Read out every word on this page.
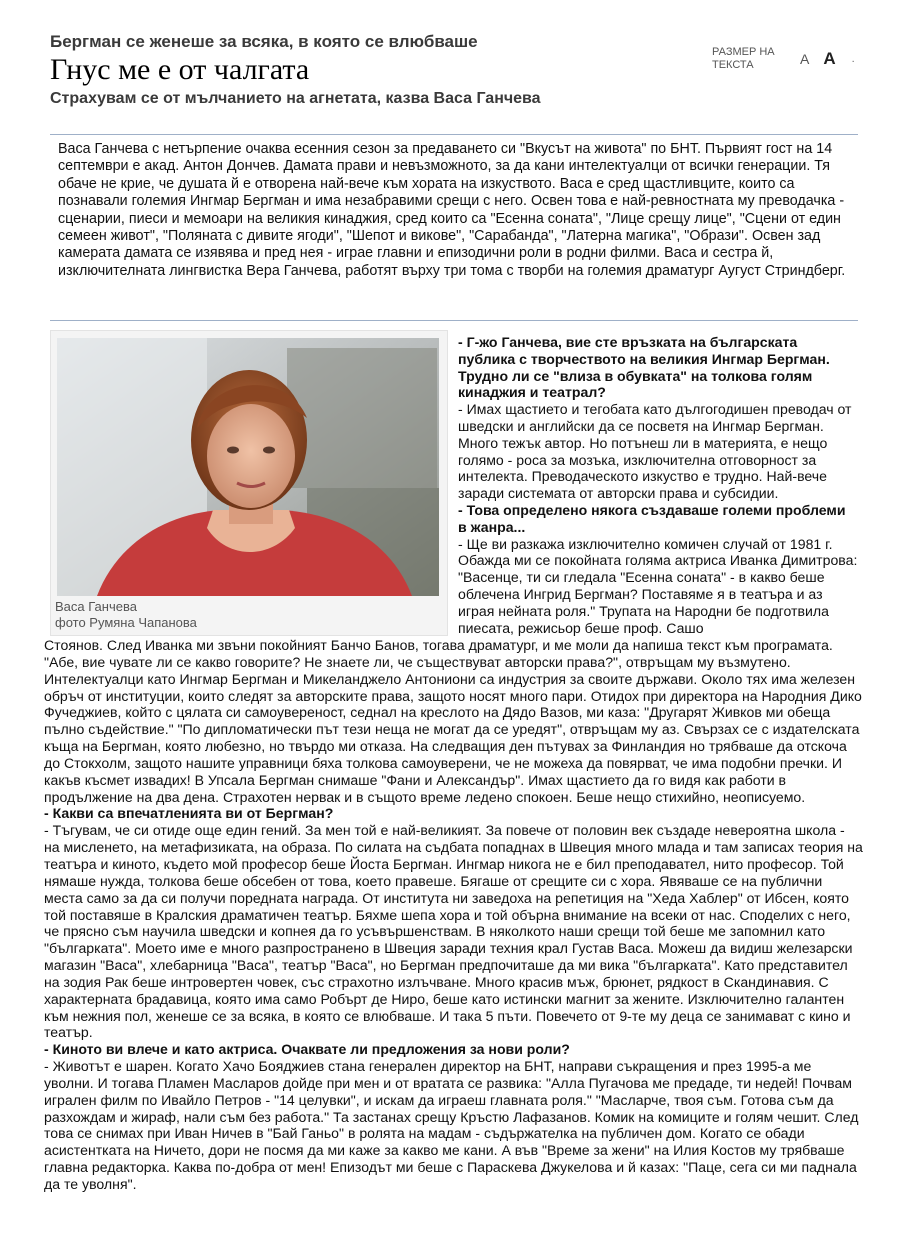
Бергман се женеше за всяка, в която се влюбваше
Гнус ме е от чалгата
Страхувам се от мълчанието на агнетата, казва Васа Ганчева
РАЗМЕР НА ТЕКСТА	А А .

Васа Ганчева с нетърпение очаква есенния сезон за предаването си "Вкусът на живота" по БНТ. Първият гост на 14 септември е акад. Антон Дончев. Дамата прави и невъзможното, за да кани интелектуалци от всички генерации. Тя обаче не крие, че душата й е отворена най-вече към хората на изкуството. Васа е сред щастливците, които са познавали големия Ингмар Бергман и има незабравими срещи с него. Освен това е най-ревностната му преводачка - сценарии, пиеси и мемоари на великия кинаджия, сред които са "Есенна соната", "Лице срещу лице", "Сцени от един семеен живот", "Поляната с дивите ягоди", "Шепот и викове", "Сарабанда", "Латерна магика", "Образи". Освен зад камерата дамата се изявява и пред нея - играе главни и епизодични роли в родни филми. Васа и сестра й, изключителната лингвистка Вера Ганчева, работят върху три тома с творби на големия драматург Аугуст Стриндберг.

Васа Ганчева
фото Румяна Чапанова

- Г-жо Ганчева, вие сте връзката на българската публика с творчеството на великия Ингмар Бергман. Трудно ли се "влиза в обувката" на толкова голям кинаджия и театрал?

- Имах щастието и тегобата като дългогодишен преводач от шведски и английски да се посветя на Ингмар Бергман. Много тежък автор. Но потънеш ли в материята, е нещо голямо - роса за мозъка, изключителна отговорност за интелекта. Преводаческото изкуство е трудно. Най-вече заради системата от авторски права и субсидии.

- Това определено някога създаваше големи проблеми в жанра...

- Ще ви разкажа изключително комичен случай от 1981 г. Обажда ми се покойната голяма актриса Иванка Димитрова: "Васенце, ти си гледала "Есенна соната" - в какво беше облечена Ингрид Бергман? Поставяме я в театъра и аз играя нейната роля." Трупата на Народни бе подготвила пиесата, режисьор беше проф. Сашо

Стоянов. След Иванка ми звъни покойният Банчо Банов, тогава драматург, и ме моли да напиша текст към програмата. "Абе, вие чувате ли се какво говорите? Не знаете ли, че съществуват авторски права?", отвръщам му възмутено. Интелектуалци като Ингмар Бергман и Микеланджело Антониони са индустрия за своите държави. Около тях има железен обръч от институции, които следят за авторските права, защото носят много пари. Отидох при директора на Народния Дико Фучеджиев, който с цялата си самоувереност, седнал на креслото на Дядо Вазов, ми каза: "Другарят Живков ми обеща пълно съдействие." "По дипломатически път тези неща не могат да се уредят", отвръщам му аз. Свързах се с издателската къща на Бергман, която любезно, но твърдо ми отказа. На следващия ден пътувах за Финландия но трябваше да отскоча до Стокхолм, защото нашите управници бяха толкова самоуверени, че не можеха да повярват, че има подобни пречки. И какъв късмет извадих! В Упсала Бергман снимаше "Фани и Александър". Имах щастието да го видя как работи в продължение на два дена. Страхотен нервак и в същото време ледено спокоен. Беше нещо стихийно, неописуемо.

- Какви са впечатленията ви от Бергман?

- Тъгувам, че си отиде още един гений. За мен той е най-великият. За повече от половин век създаде невероятна школа - на мисленето, на метафизиката, на образа. По силата на съдбата попаднах в Швеция много млада и там записах теория на театъра и киното, където мой професор беше Йоста Бергман. Ингмар никога не е бил преподавател, нито професор. Той нямаше нужда, толкова беше обсебен от това, което правеше. Бягаше от срещите си с хора. Явяваше се на публични места само за да си получи поредната награда. От института ни заведоха на репетиция на "Хеда Хаблер" от Ибсен, която той поставяше в Кралския драматичен театър. Бяхме шепа хора и той обърна внимание на всеки от нас. Споделих с него, че прясно съм научила шведски и копнея да го усъвършенствам. В няколкото наши срещи той беше ме запомнил като "българката". Моето име е много разпространено в Швеция заради техния крал Густав Васа. Можеш да видиш железарски магазин "Васа", хлебарница "Васа", театър "Васа", но Бергман предпочиташе да ми вика "българката". Като представител на зодия Рак беше интровертен човек, със страхотно излъчване. Много красив мъж, брюнет, рядкост в Скандинавия. С характерната брадавица, която има само Робърт де Ниро, беше като истински магнит за жените. Изключително галантен към нежния пол, женеше се за всяка, в която се влюбваше. И така 5 пъти. Повечето от 9-те му деца се занимават с кино и театър.

- Киното ви влече и като актриса. Очаквате ли предложения за нови роли?

- Животът е шарен. Когато Хачо Бояджиев стана генерален директор на БНТ, направи съкращения и през 1995-а ме уволни. И тогава Пламен Масларов дойде при мен и от вратата се развика: "Алла Пугачова ме предаде, ти недей! Почвам игрален филм по Ивайло Петров - "14 целувки", и искам да играеш главната роля." "Масларче, твоя съм. Готова съм да разхождам и жираф, нали съм без работа." Та застанах срещу Кръстю Лафазанов. Комик на комиците и голям чешит. След това се снимах при Иван Ничев в "Бай Ганьо" в ролята на мадам - съдържателка на публичен дом. Когато се обади асистентката на Ничето, дори не посмя да ми каже за какво ме кани. А във "Време за жени" на Илия Костов му трябваше главна редакторка. Каква по-добра от мен! Епизодът ми беше с Параскева Джукелова и й казах: "Паце, сега си ми паднала да те уволня".
